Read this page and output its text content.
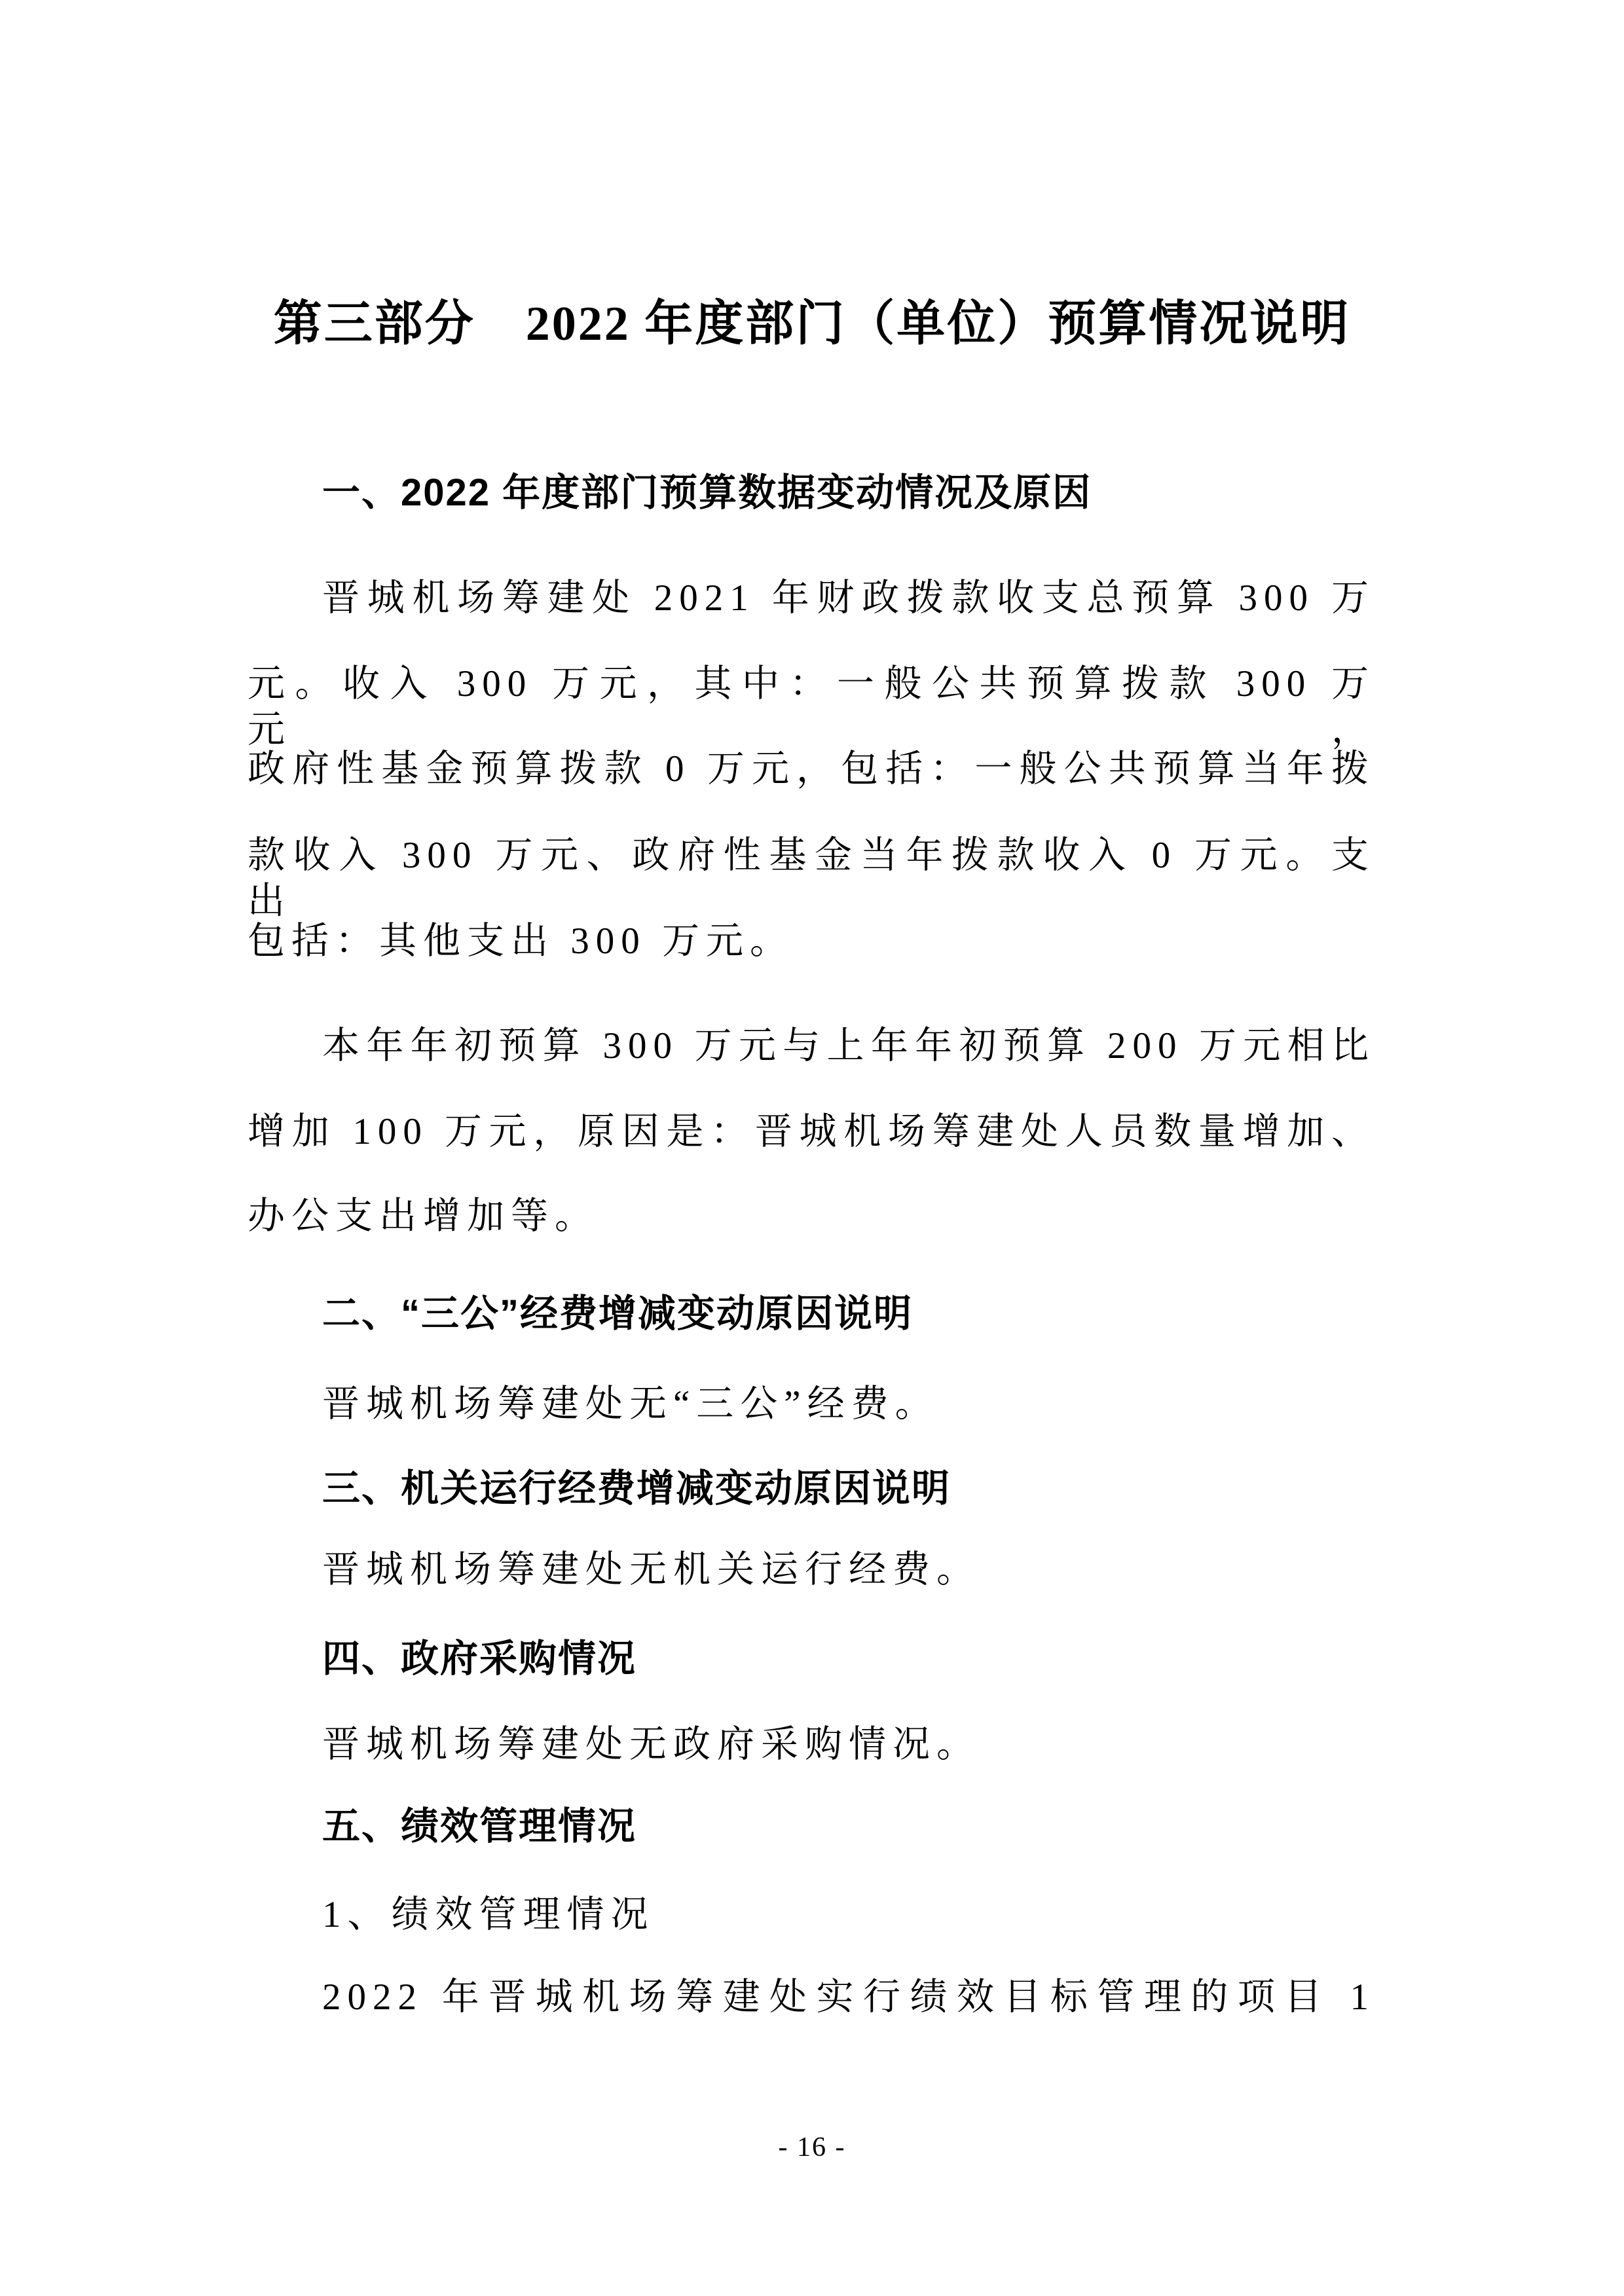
第三部分　2022 年度部门（单位）预算情况说明
一、2022 年度部门预算数据变动情况及原因
晋城机场筹建处 2021 年财政拨款收支总预算 300 万
元。收入 300 万元，其中：一般公共预算拨款 300 万元，
政府性基金预算拨款 0 万元，包括：一般公共预算当年拨
款收入 300 万元、政府性基金当年拨款收入 0 万元。支出
包括：其他支出 300 万元。
本年年初预算 300 万元与上年年初预算 200 万元相比
增加 100 万元，原因是：晋城机场筹建处人员数量增加、
办公支出增加等。
二、“三公”经费增减变动原因说明
晋城机场筹建处无“三公”经费。
三、机关运行经费增减变动原因说明
晋城机场筹建处无机关运行经费。
四、政府采购情况
晋城机场筹建处无政府采购情况。
五、绩效管理情况
1、绩效管理情况
2022 年晋城机场筹建处实行绩效目标管理的项目 1
- 16 -
